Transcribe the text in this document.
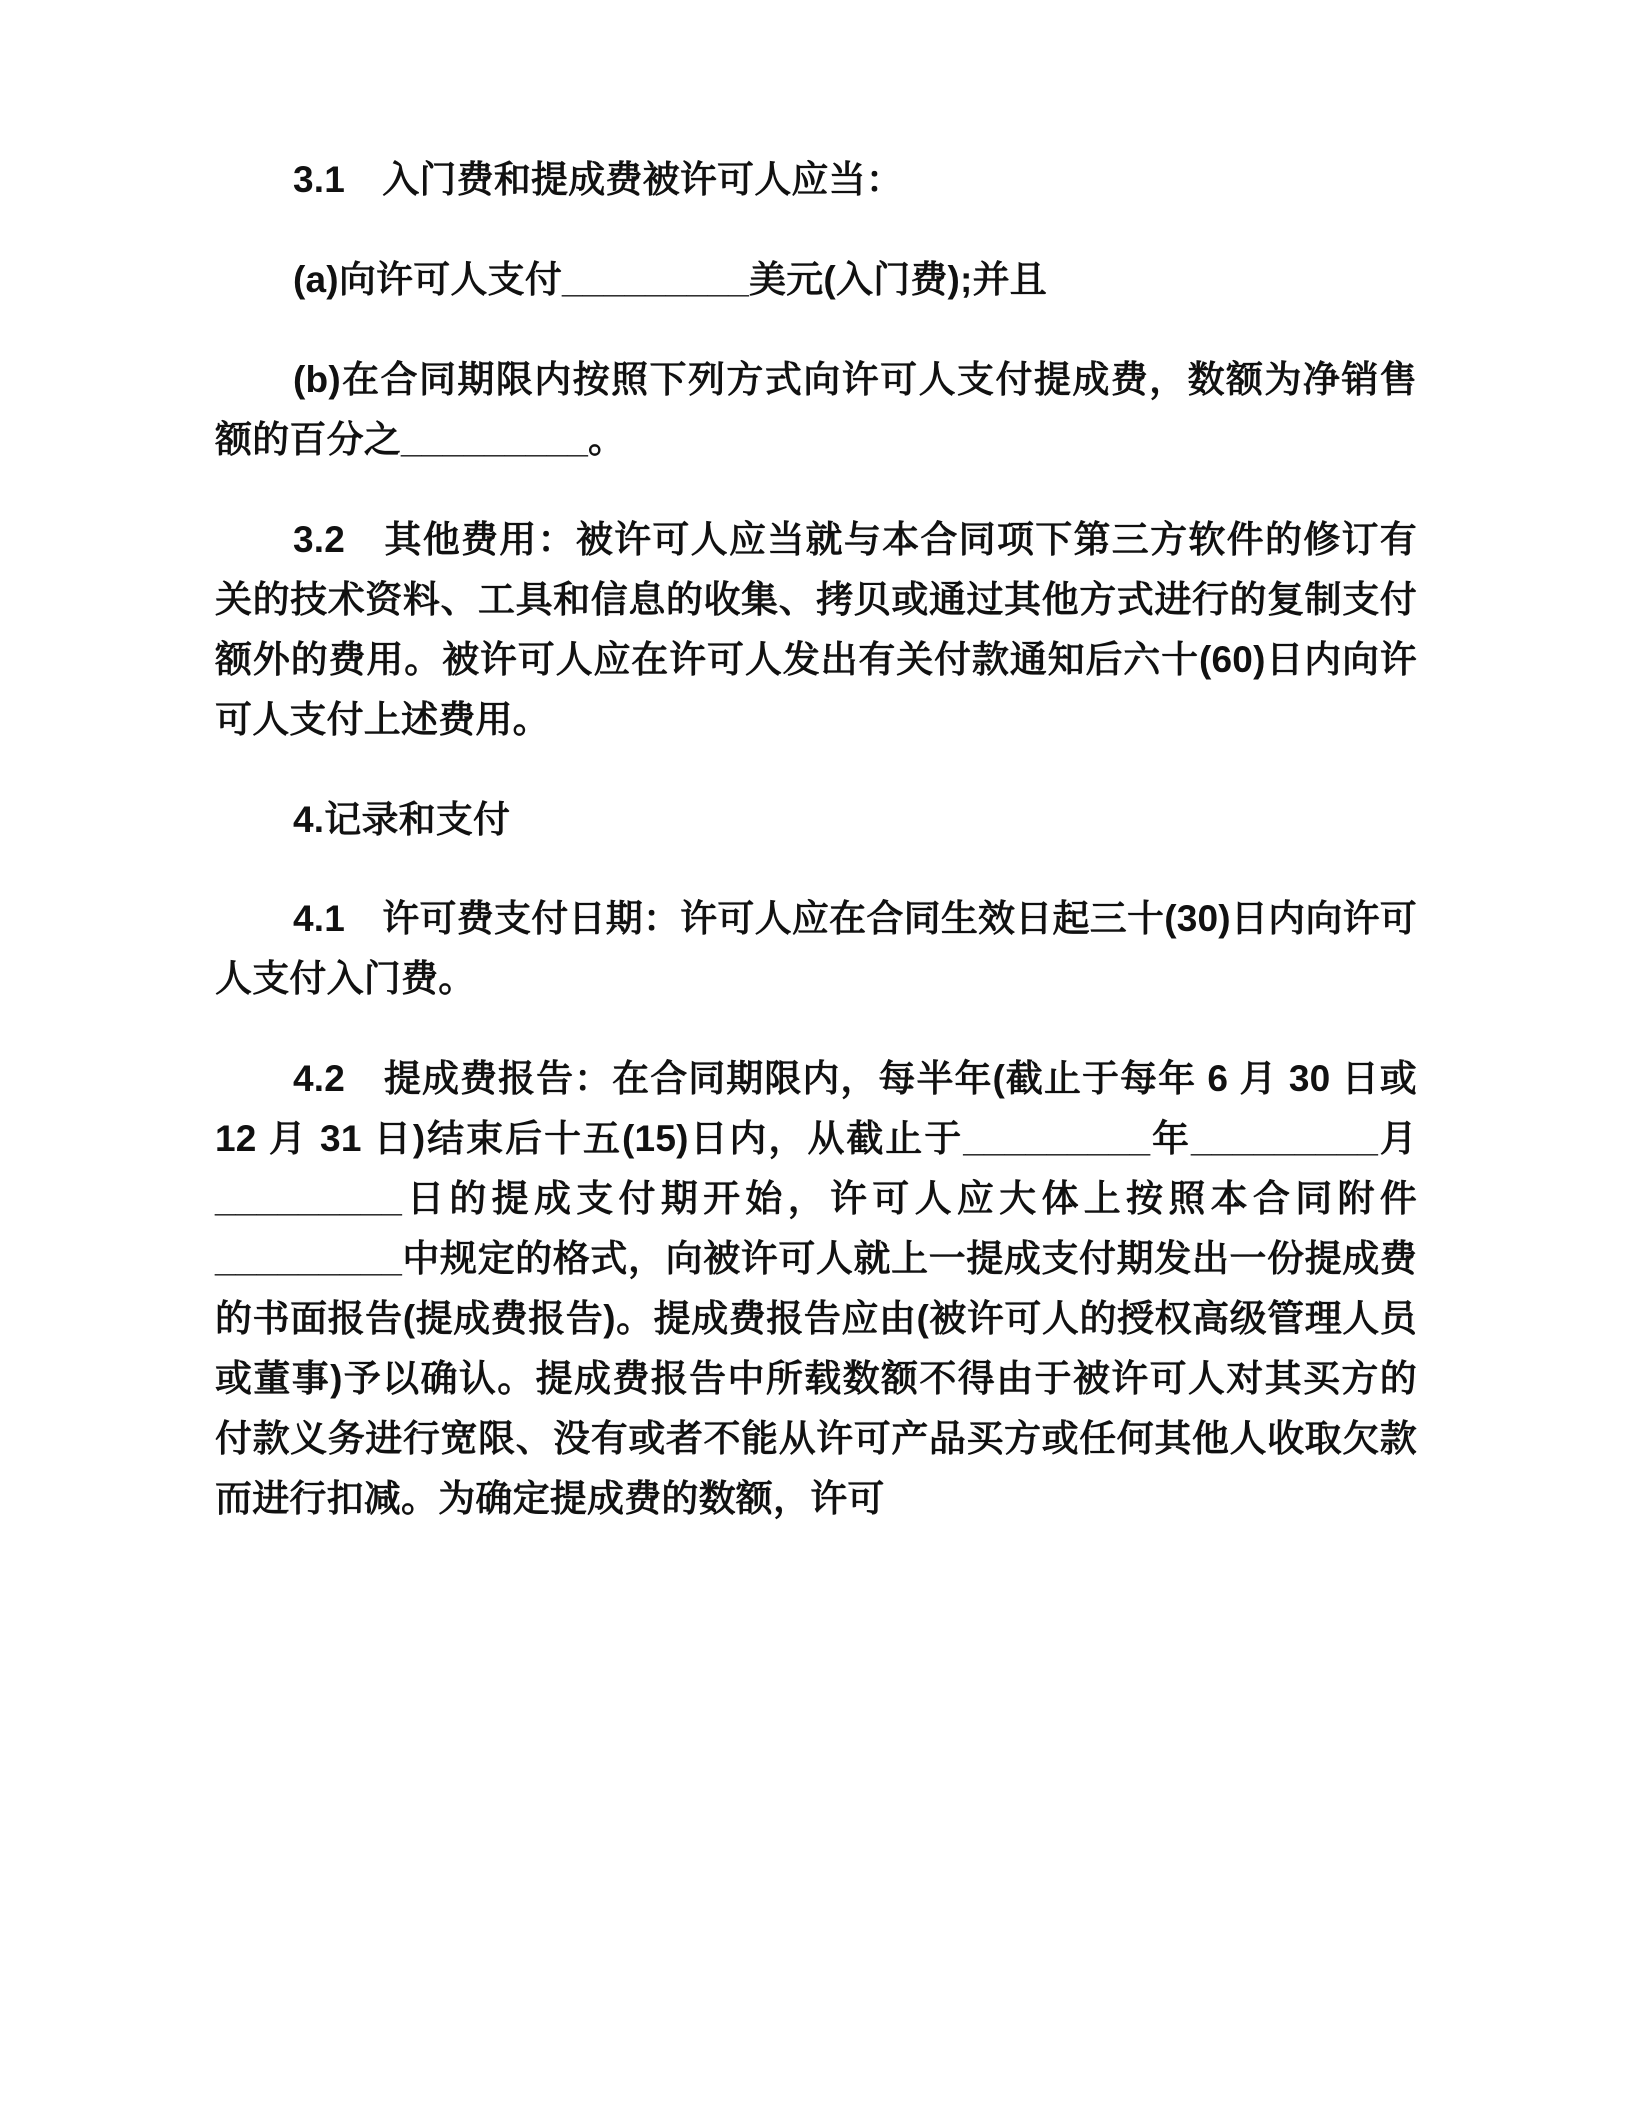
3.1　入门费和提成费被许可人应当：

(a)向许可人支付_________美元(入门费);并且

(b)在合同期限内按照下列方式向许可人支付提成费，数额为净销售额的百分之_________。

3.2　其他费用：被许可人应当就与本合同项下第三方软件的修订有关的技术资料、工具和信息的收集、拷贝或通过其他方式进行的复制支付额外的费用。被许可人应在许可人发出有关付款通知后六十(60)日内向许可人支付上述费用。

4.记录和支付

4.1　许可费支付日期：许可人应在合同生效日起三十(30)日内向许可人支付入门费。

4.2　提成费报告：在合同期限内，每半年(截止于每年 6 月 30 日或 12 月 31 日)结束后十五(15)日内，从截止于_________年_________月_________日的提成支付期开始，许可人应大体上按照本合同附件_________中规定的格式，向被许可人就上一提成支付期发出一份提成费的书面报告(提成费报告)。提成费报告应由(被许可人的授权高级管理人员或董事)予以确认。提成费报告中所载数额不得由于被许可人对其买方的付款义务进行宽限、没有或者不能从许可产品买方或任何其他人收取欠款而进行扣减。为确定提成费的数额，许可
